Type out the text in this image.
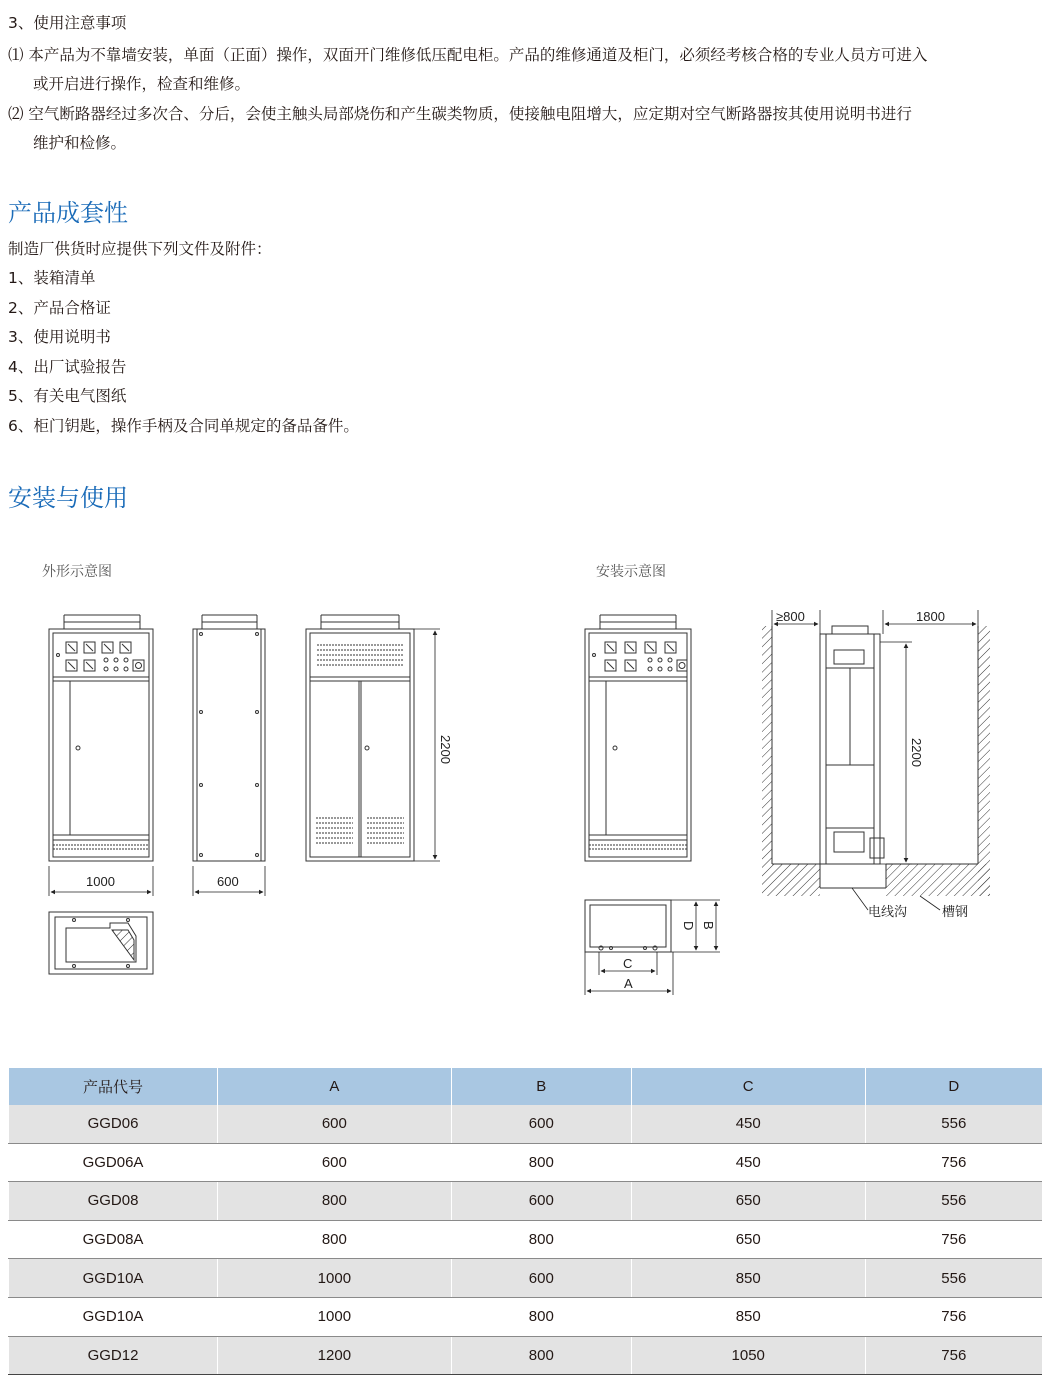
3、使用注意事项
⑴ 本产品为不靠墙安装，单面（正面）操作，双面开门维修低压配电柜。产品的维修通道及柜门，必须经考核合格的专业人员方可进入
或开启进行操作，检查和维修。
⑵ 空气断路器经过多次合、分后，会使主触头局部烧伤和产生碳类物质，使接触电阻增大，应定期对空气断路器按其使用说明书进行
维护和检修。
产品成套性
制造厂供货时应提供下列文件及附件：
1、装箱清单
2、产品合格证
3、使用说明书
4、出厂试验报告
5、有关电气图纸
6、柜门钥匙，操作手柄及合同单规定的备品备件。
安装与使用
外形示意图	安装示意图
1000	600
2200
D B
C
A
≥800	1800
2200
电线沟	槽钢
产品代号	A	B	C	D
GGD06	600	600	450	556
GGD06A	600	800	450	756
GGD08	800	600	650	556
GGD08A	800	800	650	756
GGD10A	1000	600	850	556
GGD10A	1000	800	850	756
GGD12	1200	800	1050	756
